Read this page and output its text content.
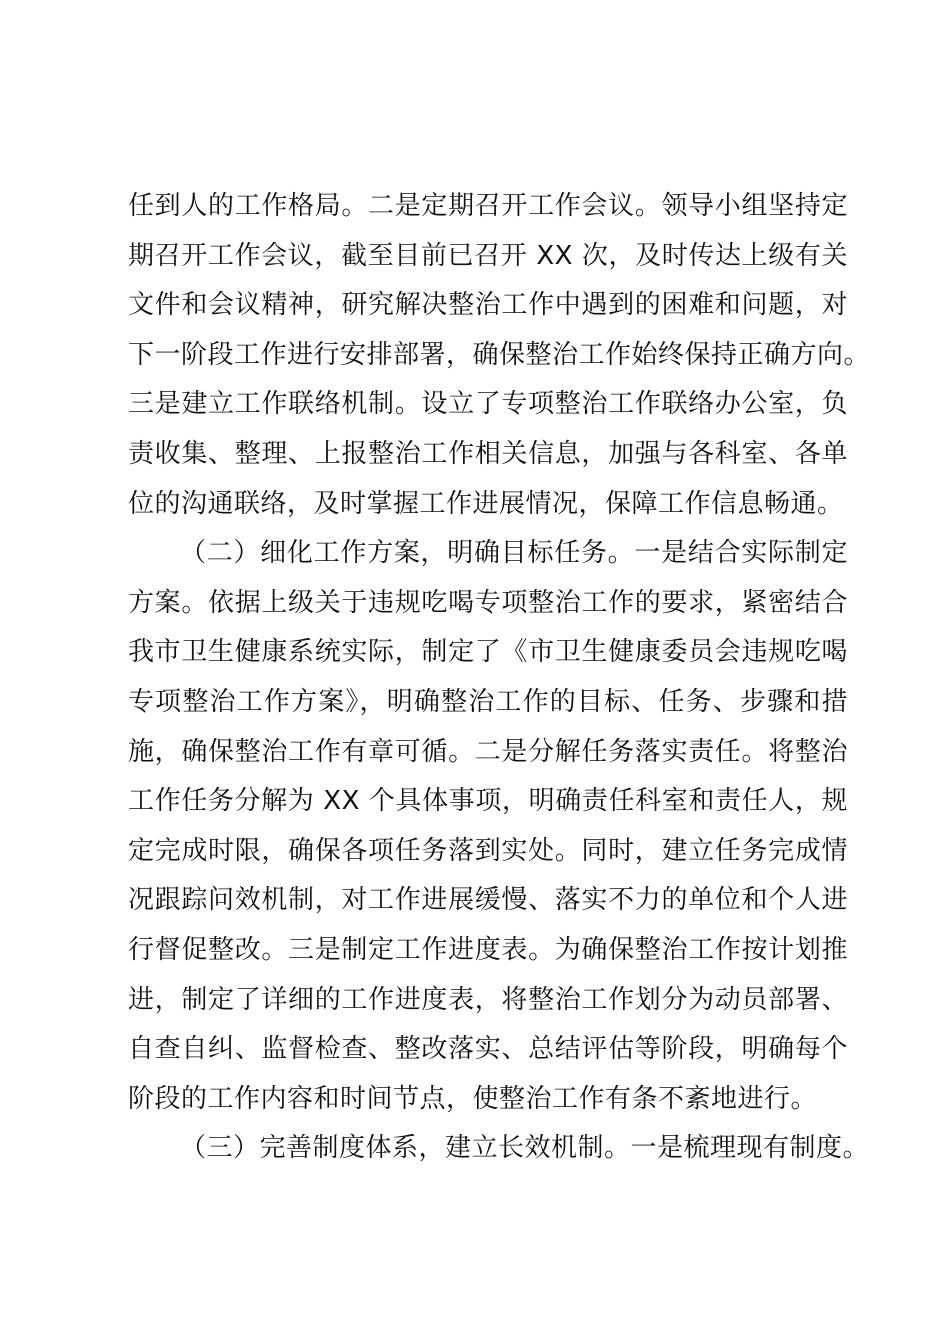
任到人的工作格局。二是定期召开工作会议。领导小组坚持定
期召开工作会议，截至目前已召开 XX 次，及时传达上级有关
文件和会议精神，研究解决整治工作中遇到的困难和问题，对
下一阶段工作进行安排部署，确保整治工作始终保持正确方向。
三是建立工作联络机制。设立了专项整治工作联络办公室，负
责收集、整理、上报整治工作相关信息，加强与各科室、各单
位的沟通联络，及时掌握工作进展情况，保障工作信息畅通。
（二）细化工作方案，明确目标任务。一是结合实际制定
方案。依据上级关于违规吃喝专项整治工作的要求，紧密结合
我市卫生健康系统实际，制定了《市卫生健康委员会违规吃喝
专项整治工作方案》，明确整治工作的目标、任务、步骤和措
施，确保整治工作有章可循。二是分解任务落实责任。将整治
工作任务分解为 XX 个具体事项，明确责任科室和责任人，规
定完成时限，确保各项任务落到实处。同时，建立任务完成情
况跟踪问效机制，对工作进展缓慢、落实不力的单位和个人进
行督促整改。三是制定工作进度表。为确保整治工作按计划推
进，制定了详细的工作进度表，将整治工作划分为动员部署、
自查自纠、监督检查、整改落实、总结评估等阶段，明确每个
阶段的工作内容和时间节点，使整治工作有条不紊地进行。
（三）完善制度体系，建立长效机制。一是梳理现有制度。
